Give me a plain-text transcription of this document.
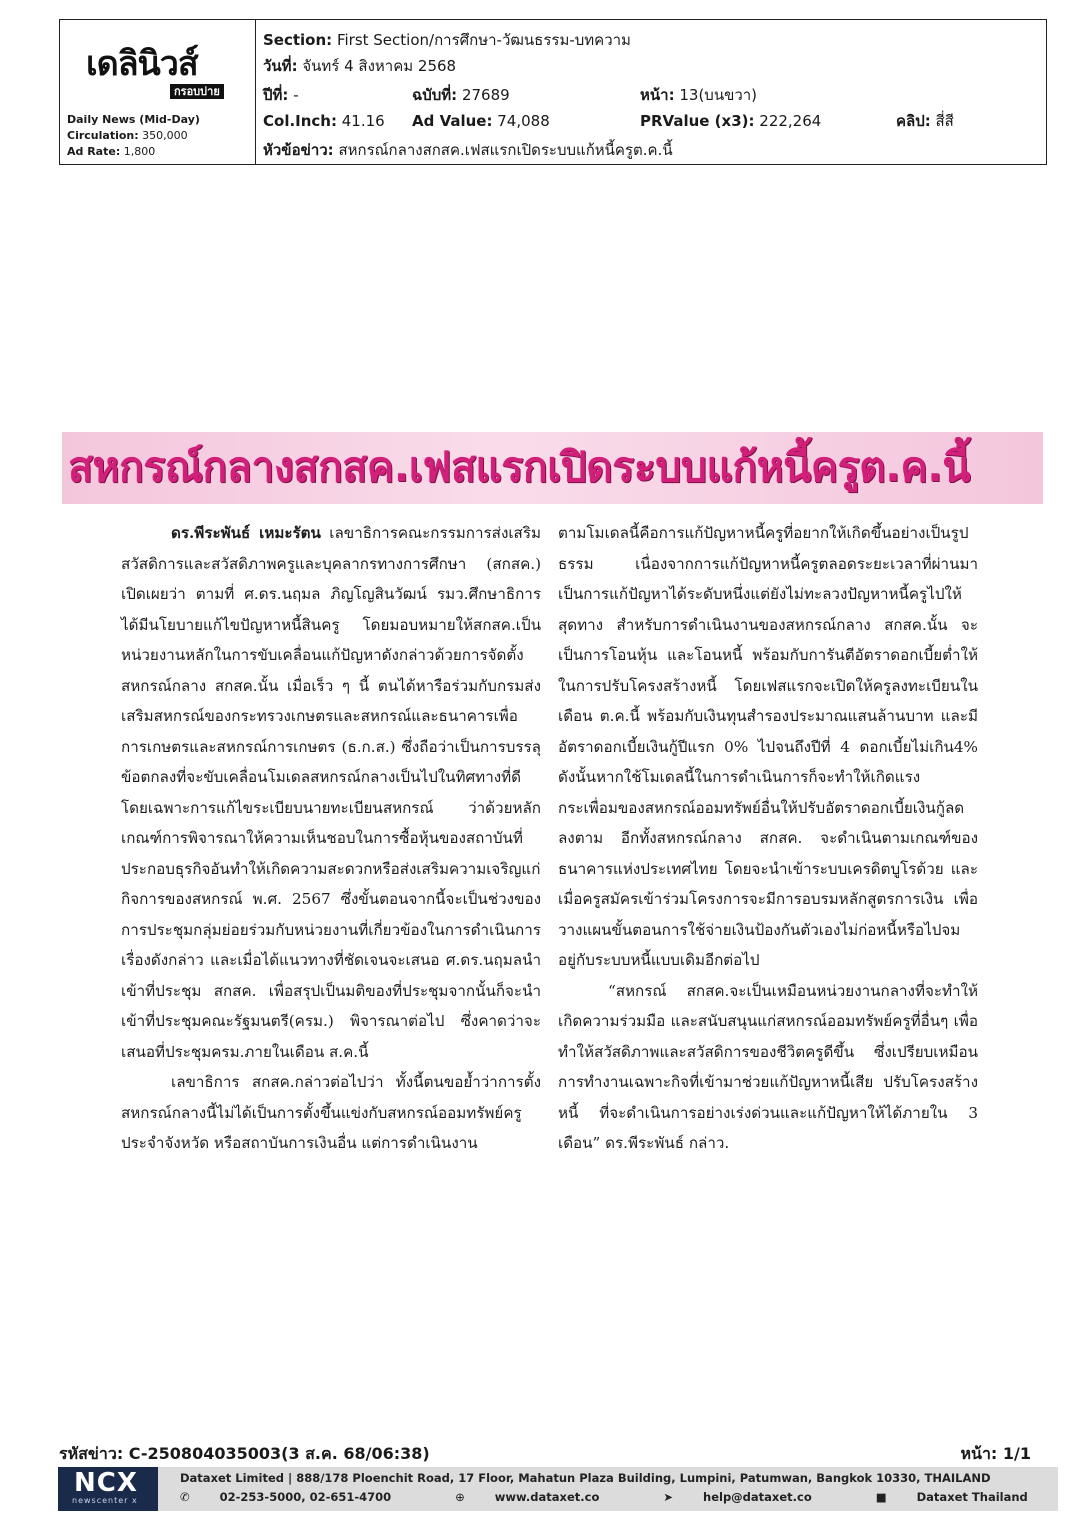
เดลินิวส์
กรอบบ่าย
Daily News (Mid-Day)
Circulation: 350,000
Ad Rate: 1,800
Section: First Section/การศึกษา-วัฒนธรรม-บทความ
วันที่: จันทร์ 4 สิงหาคม 2568
ปีที่: -	ฉบับที่: 27689	หน้า: 13(บนขวา)
Col.Inch: 41.16 Ad Value: 74,088	PRValue (x3): 222,264	คลิป: สี่สี
หัวข้อข่าว: สหกรณ์กลางสกสค.เฟสแรกเปิดระบบแก้หนี้ครูต.ค.นี้
สหกรณ์กลางสกสค.เฟสแรกเปิดระบบแก้หนี้ครูต.ค.นี้

ดร.พีระพันธ์ เหมะรัตน เลขาธิการคณะกรรมการส่งเสริมสวัสดิการและสวัสดิภาพครูและบุคลากรทางการศึกษา (สกสค.) เปิดเผยว่า ตามที่ ศ.ดร.นฤมล ภิญโญสินวัฒน์ รมว.ศึกษาธิการ ได้มีนโยบายแก้ไขปัญหาหนี้สินครู โดยมอบหมายให้สกสค.เป็นหน่วยงานหลักในการขับเคลื่อนแก้ปัญหาดังกล่าวด้วยการจัดตั้งสหกรณ์กลาง สกสค.นั้น เมื่อเร็ว ๆ นี้ ตนได้หารือร่วมกับกรมส่งเสริมสหกรณ์ของกระทรวงเกษตรและสหกรณ์และธนาคารเพื่อการเกษตรและสหกรณ์การเกษตร (ธ.ก.ส.) ซึ่งถือว่าเป็นการบรรลุข้อตกลงที่จะขับเคลื่อนโมเดลสหกรณ์กลางเป็นไปในทิศทางที่ดี โดยเฉพาะการแก้ไขระเบียบนายทะเบียนสหกรณ์ ว่าด้วยหลักเกณฑ์การพิจารณาให้ความเห็นชอบในการซื้อหุ้นของสถาบันที่ประกอบธุรกิจอันทำให้เกิดความสะดวกหรือส่งเสริมความเจริญแก่กิจการของสหกรณ์ พ.ศ. 2567 ซึ่งขั้นตอนจากนี้จะเป็นช่วงของการประชุมกลุ่มย่อยร่วมกับหน่วยงานที่เกี่ยวข้องในการดำเนินการเรื่องดังกล่าว และเมื่อได้แนวทางที่ชัดเจนจะเสนอ ศ.ดร.นฤมลนำเข้าที่ประชุม สกสค. เพื่อสรุปเป็นมติของที่ประชุมจากนั้นก็จะนำเข้าที่ประชุมคณะรัฐมนตรี(ครม.) พิจารณาต่อไป ซึ่งคาดว่าจะเสนอที่ประชุมครม.ภายในเดือน ส.ค.นี้

เลขาธิการ สกสค.กล่าวต่อไปว่า ทั้งนี้ตนขอย้ำว่าการตั้งสหกรณ์กลางนี้ไม่ได้เป็นการตั้งขึ้นแข่งกับสหกรณ์ออมทรัพย์ครูประจำจังหวัด หรือสถาบันการเงินอื่น แต่การดำเนินงาน

ตามโมเดลนี้คือการแก้ปัญหาหนี้ครูที่อยากให้เกิดขึ้นอย่างเป็นรูปธรรม เนื่องจากการแก้ปัญหาหนี้ครูตลอดระยะเวลาที่ผ่านมาเป็นการแก้ปัญหาได้ระดับหนึ่งแต่ยังไม่ทะลวงปัญหาหนี้ครูไปให้สุดทาง สำหรับการดำเนินงานของสหกรณ์กลาง สกสค.นั้น จะเป็นการโอนหุ้น และโอนหนี้ พร้อมกับการันตีอัตราดอกเบี้ยต่ำให้ในการปรับโครงสร้างหนี้ โดยเฟสแรกจะเปิดให้ครูลงทะเบียนในเดือน ต.ค.นี้ พร้อมกับเงินทุนสำรองประมาณแสนล้านบาท และมีอัตราดอกเบี้ยเงินกู้ปีแรก 0% ไปจนถึงปีที่ 4 ดอกเบี้ยไม่เกิน4% ดังนั้นหากใช้โมเดลนี้ในการดำเนินการก็จะทำให้เกิดแรงกระเพื่อมของสหกรณ์ออมทรัพย์อื่นให้ปรับอัตราดอกเบี้ยเงินกู้ลดลงตาม อีกทั้งสหกรณ์กลาง สกสค. จะดำเนินตามเกณฑ์ของธนาคารแห่งประเทศไทย โดยจะนำเข้าระบบเครดิตบูโรด้วย และเมื่อครูสมัครเข้าร่วมโครงการจะมีการอบรมหลักสูตรการเงิน เพื่อวางแผนขั้นตอนการใช้จ่ายเงินป้องกันตัวเองไม่ก่อหนี้หรือไปจมอยู่กับระบบหนี้แบบเดิมอีกต่อไป

“สหกรณ์ สกสค.จะเป็นเหมือนหน่วยงานกลางที่จะทำให้เกิดความร่วมมือ และสนับสนุนแก่สหกรณ์ออมทรัพย์ครูที่อื่นๆ เพื่อทำให้สวัสดิภาพและสวัสดิการของชีวิตครูดีขึ้น ซึ่งเปรียบเหมือนการทำงานเฉพาะกิจที่เข้ามาช่วยแก้ปัญหาหนี้เสีย ปรับโครงสร้างหนี้ ที่จะดำเนินการอย่างเร่งด่วนและแก้ปัญหาให้ได้ภายใน 3 เดือน” ดร.พีระพันธ์ กล่าว.

รหัสข่าว: C-250804035003(3 ส.ค. 68/06:38)	หน้า: 1/1
NCX
newscenter x
Dataxet Limited | 888/178 Ploenchit Road, 17 Floor, Mahatun Plaza Building, Lumpini, Patumwan, Bangkok 10330, THAILAND
✆	02-253-5000, 02-651-4700	⊕	www.dataxet.co	➤	help@dataxet.co	■	Dataxet Thailand
